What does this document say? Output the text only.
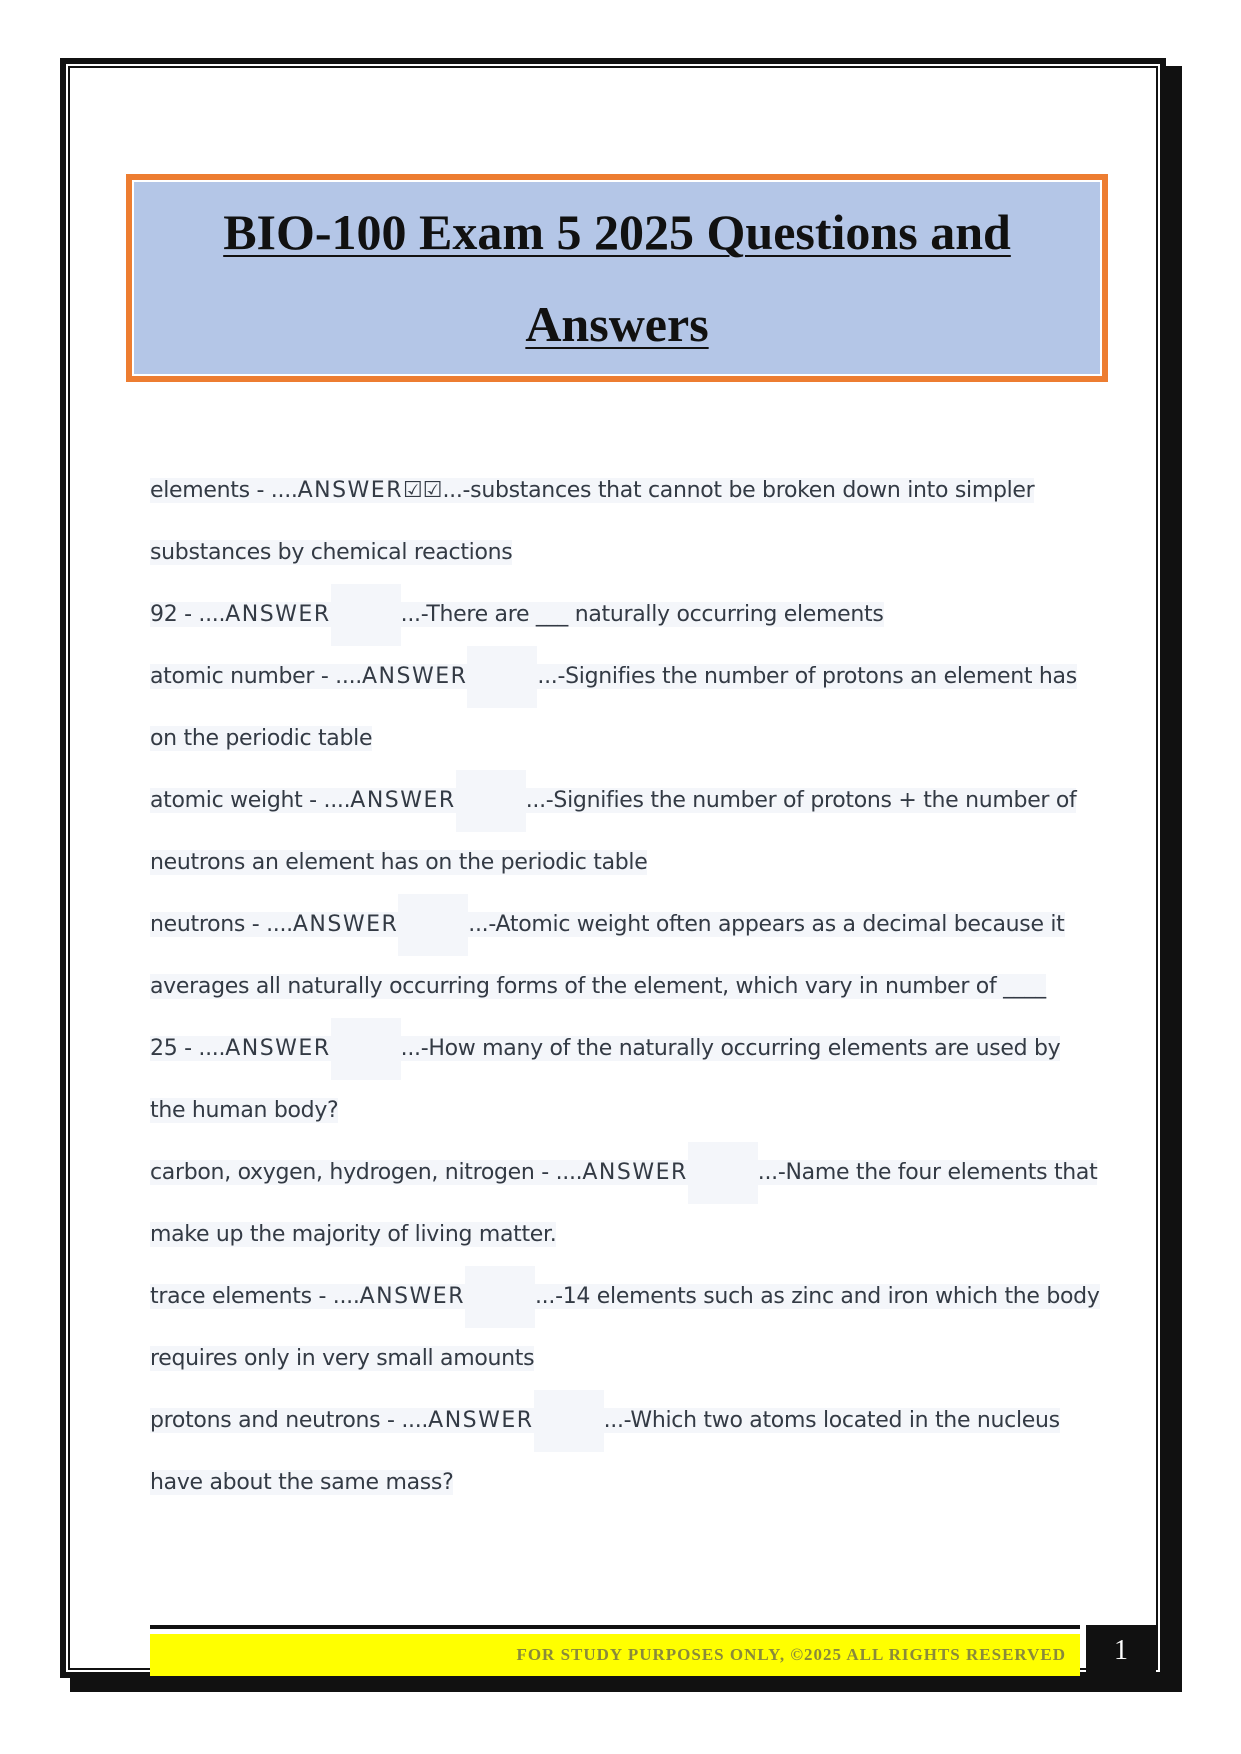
BIO-100 Exam 5 2025 Questions and Answers
elements - ....ANSWER☑☑...-substances that cannot be broken down into simpler substances by chemical reactions
92 - ....ANSWER	...-There are ___ naturally occurring elements
atomic number - ....ANSWER	...-Signifies the number of protons an element has on the periodic table
atomic weight - ....ANSWER	...-Signifies the number of protons + the number of neutrons an element has on the periodic table
neutrons - ....ANSWER	...-Atomic weight often appears as a decimal because it averages all naturally occurring forms of the element, which vary in number of ____
25 - ....ANSWER	...-How many of the naturally occurring elements are used by the human body?
carbon, oxygen, hydrogen, nitrogen - ....ANSWER	...-Name the four elements that make up the majority of living matter.
trace elements - ....ANSWER	...-14 elements such as zinc and iron which the body requires only in very small amounts
protons and neutrons - ....ANSWER	...-Which two atoms located in the nucleus have about the same mass?
FOR STUDY PURPOSES ONLY, ©2025 ALL RIGHTS RESERVED 1
